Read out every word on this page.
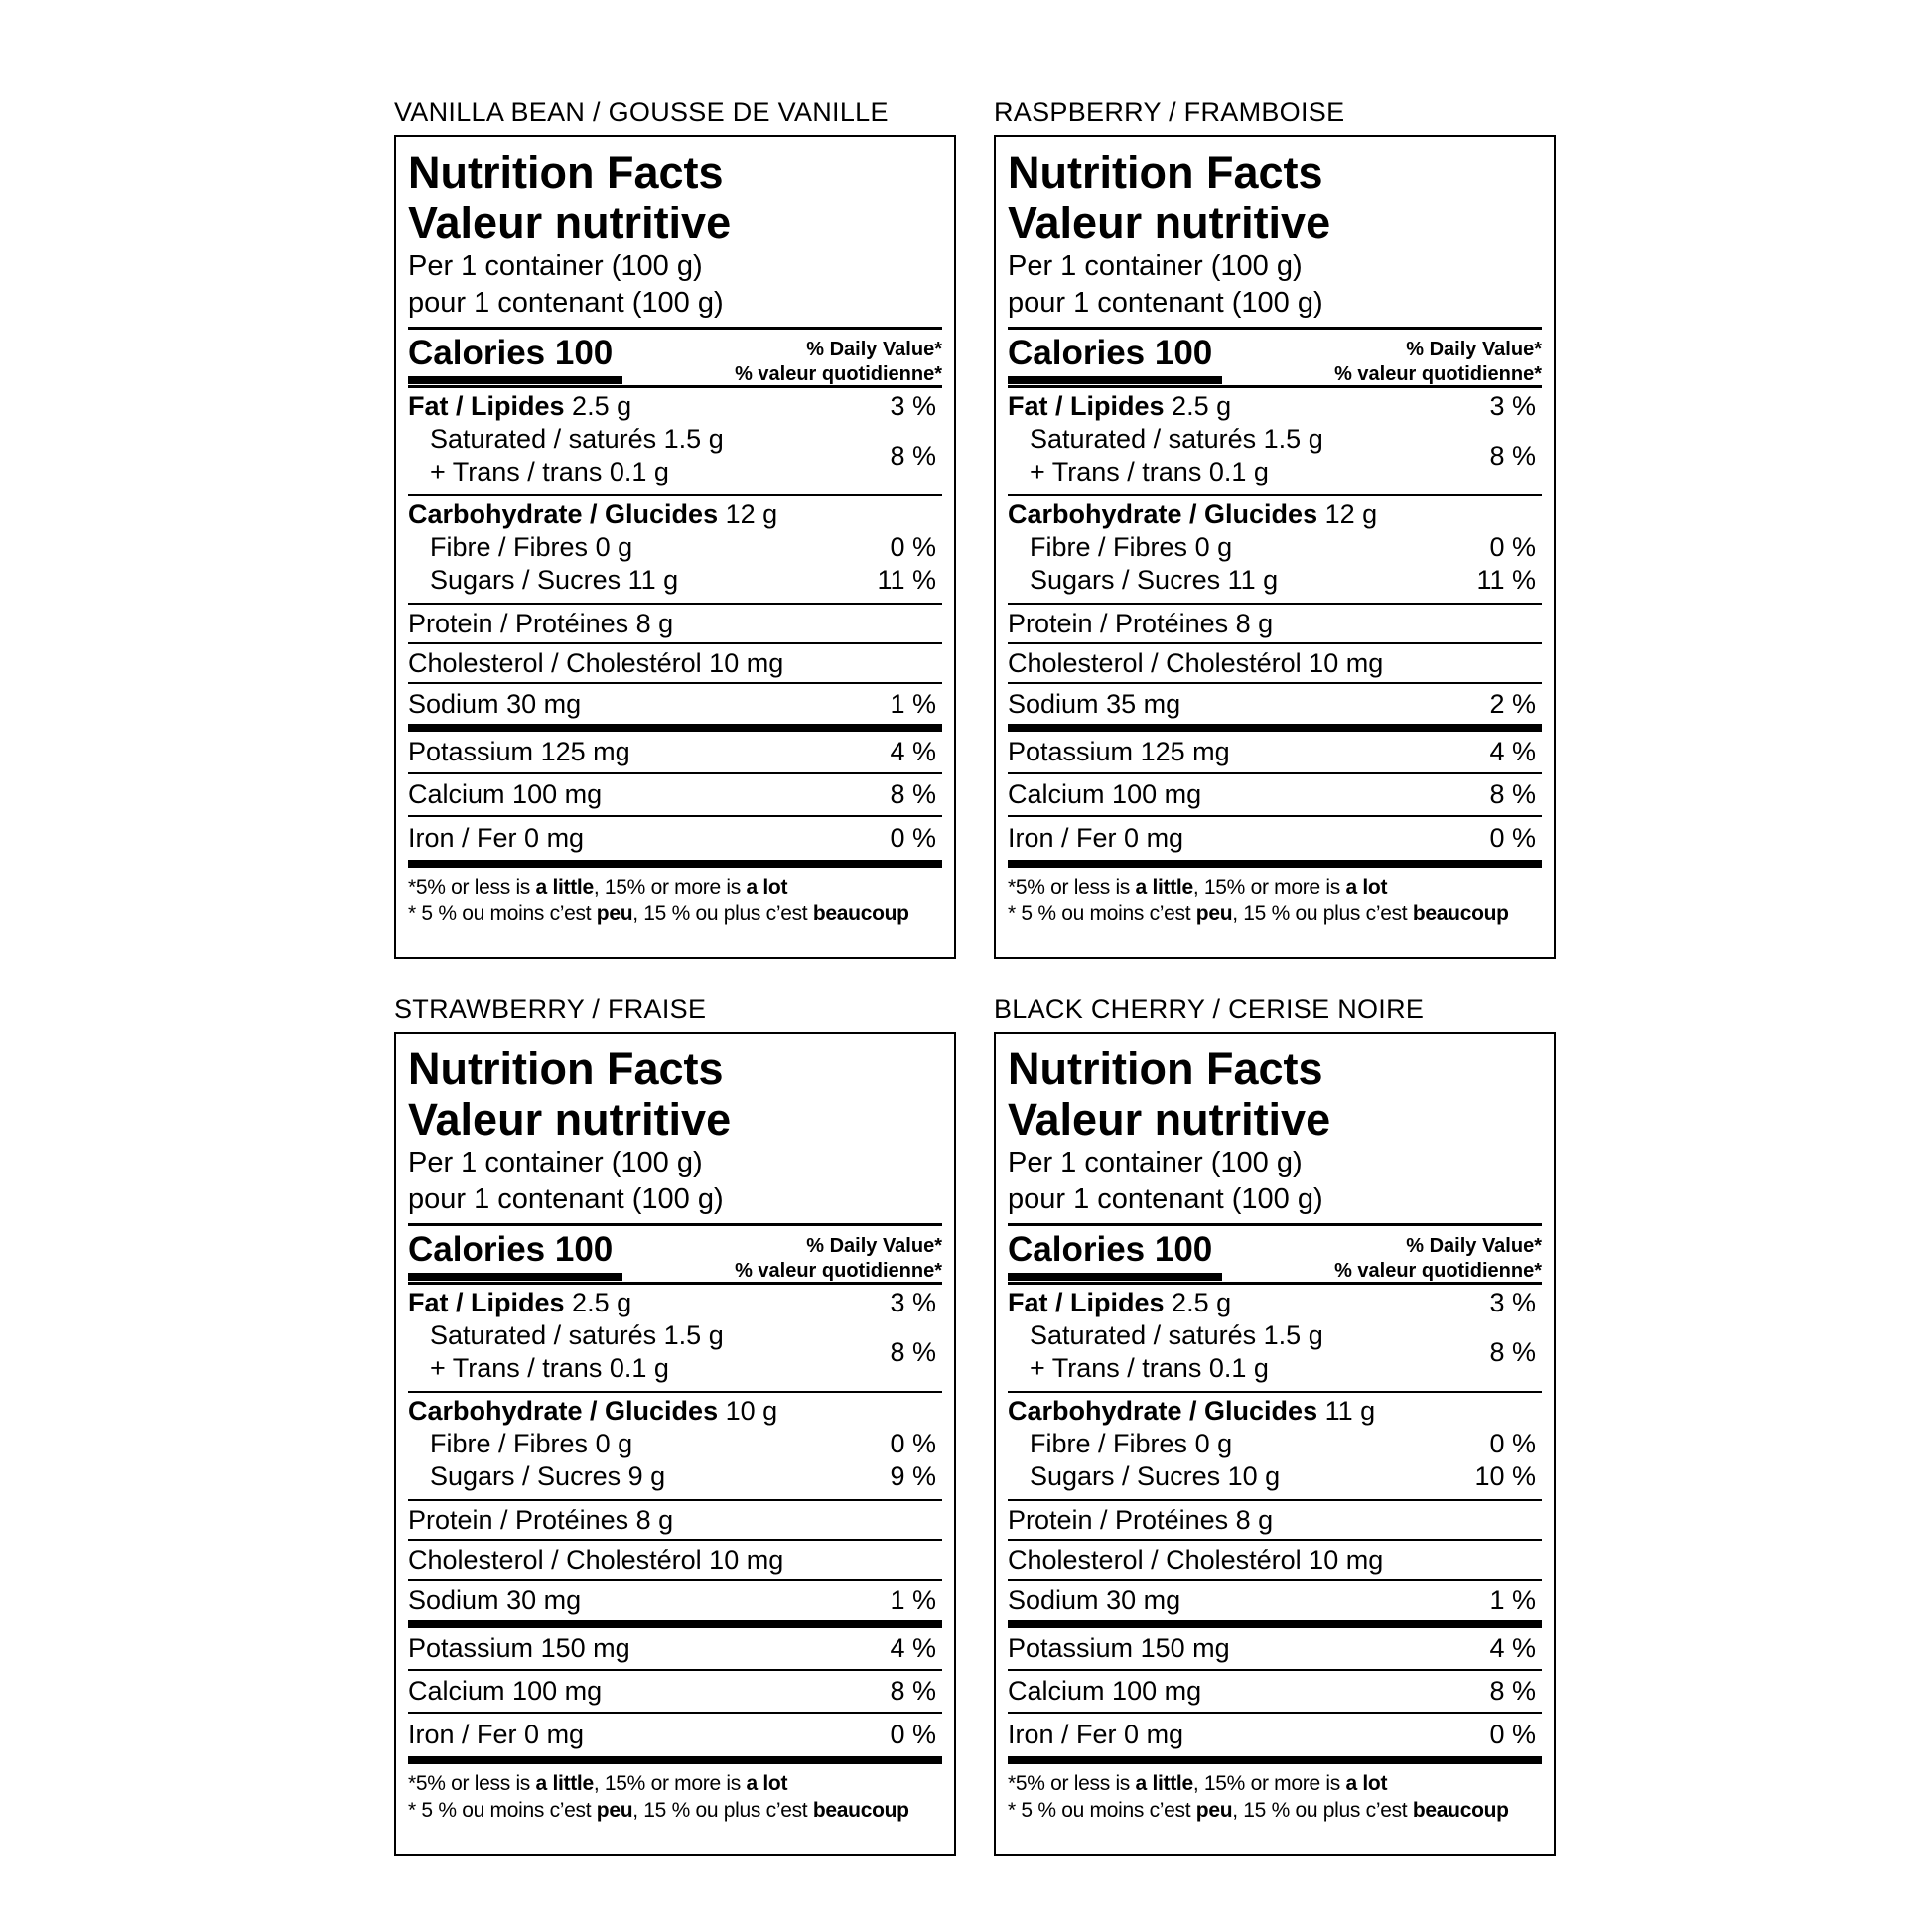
VANILLA BEAN / GOUSSE DE VANILLE
Nutrition Facts
Valeur nutritive
Per 1 container (100 g)
pour 1 contenant (100 g)
Calories 100	% Daily Value*
% valeur quotidienne*
Fat / Lipides 2.5 g	3 %
Saturated / saturés 1.5 g
+ Trans / trans 0.1 g
8 %
Carbohydrate / Glucides 12 g
Fibre / Fibres 0 g	0 %
Sugars / Sucres 11 g	11 %
Protein / Protéines 8 g
Cholesterol / Cholestérol 10 mg
Sodium 30 mg	1 %
Potassium 125 mg	4 %
Calcium 100 mg	8 %
Iron / Fer 0 mg	0 %
*5% or less is a little, 15% or more is a lot
* 5 % ou moins c’est peu, 15 % ou plus c’est beaucoup
RASPBERRY / FRAMBOISE
Nutrition Facts
Valeur nutritive
Per 1 container (100 g)
pour 1 contenant (100 g)
Calories 100	% Daily Value*
% valeur quotidienne*
Fat / Lipides 2.5 g	3 %
Saturated / saturés 1.5 g
+ Trans / trans 0.1 g
8 %
Carbohydrate / Glucides 12 g
Fibre / Fibres 0 g	0 %
Sugars / Sucres 11 g	11 %
Protein / Protéines 8 g
Cholesterol / Cholestérol 10 mg
Sodium 35 mg	2 %
Potassium 125 mg	4 %
Calcium 100 mg	8 %
Iron / Fer 0 mg	0 %
*5% or less is a little, 15% or more is a lot
* 5 % ou moins c’est peu, 15 % ou plus c’est beaucoup
STRAWBERRY / FRAISE
Nutrition Facts
Valeur nutritive
Per 1 container (100 g)
pour 1 contenant (100 g)
Calories 100	% Daily Value*
% valeur quotidienne*
Fat / Lipides 2.5 g	3 %
Saturated / saturés 1.5 g
+ Trans / trans 0.1 g
8 %
Carbohydrate / Glucides 10 g
Fibre / Fibres 0 g	0 %
Sugars / Sucres 9 g	9 %
Protein / Protéines 8 g
Cholesterol / Cholestérol 10 mg
Sodium 30 mg	1 %
Potassium 150 mg	4 %
Calcium 100 mg	8 %
Iron / Fer 0 mg	0 %
*5% or less is a little, 15% or more is a lot
* 5 % ou moins c’est peu, 15 % ou plus c’est beaucoup
BLACK CHERRY / CERISE NOIRE
Nutrition Facts
Valeur nutritive
Per 1 container (100 g)
pour 1 contenant (100 g)
Calories 100	% Daily Value*
% valeur quotidienne*
Fat / Lipides 2.5 g	3 %
Saturated / saturés 1.5 g
+ Trans / trans 0.1 g
8 %
Carbohydrate / Glucides 11 g
Fibre / Fibres 0 g	0 %
Sugars / Sucres 10 g	10 %
Protein / Protéines 8 g
Cholesterol / Cholestérol 10 mg
Sodium 30 mg	1 %
Potassium 150 mg	4 %
Calcium 100 mg	8 %
Iron / Fer 0 mg	0 %
*5% or less is a little, 15% or more is a lot
* 5 % ou moins c’est peu, 15 % ou plus c’est beaucoup
